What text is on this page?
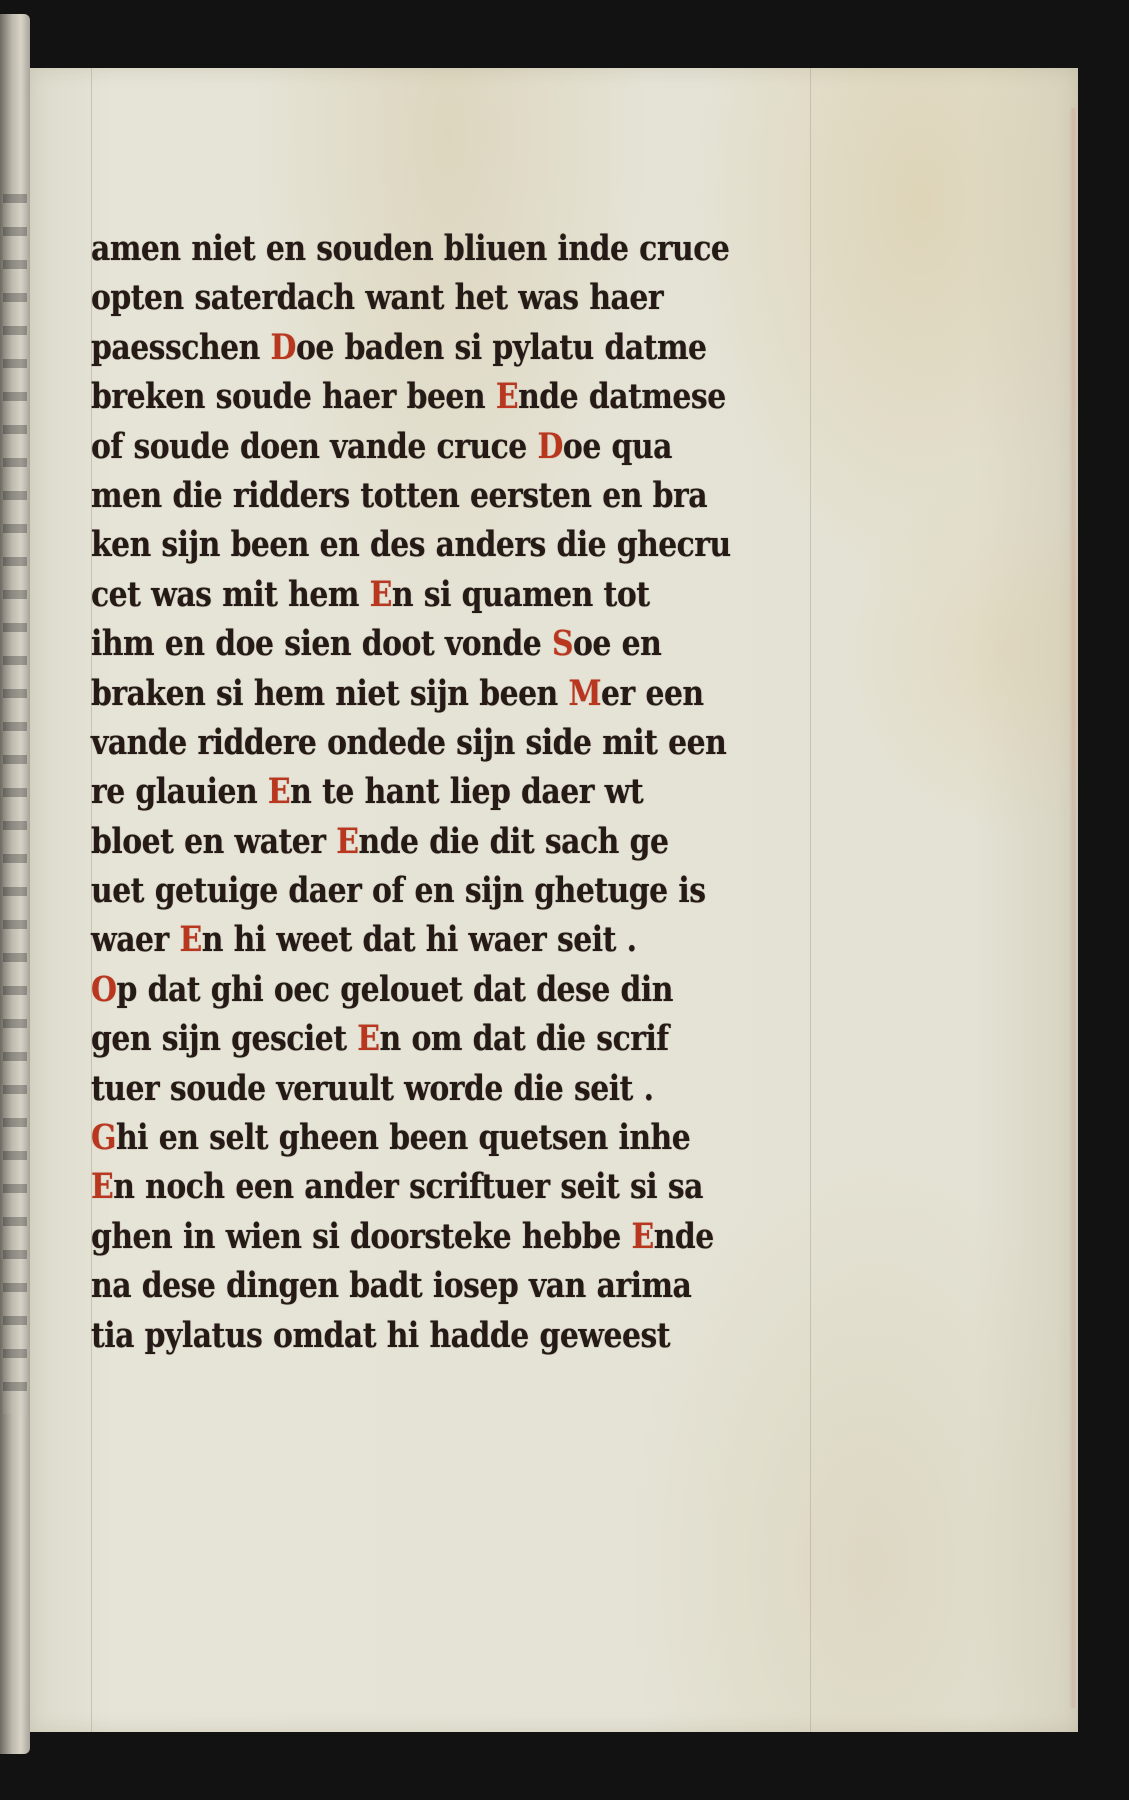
amen niet en souden bliuen inde cruce
opten saterdach want het was haer
paesschen Doe baden si pylatu datme
breken soude haer been Ende datmese
of soude doen vande cruce Doe qua
men die ridders totten eersten en bra
ken sijn been en des anders die ghecru
cet was mit hem En si quamen tot
ihm en doe sien doot vonde Soe en
braken si hem niet sijn been Mer een
vande riddere ondede sijn side mit een
re glauien En te hant liep daer wt
bloet en water Ende die dit sach ge
uet getuige daer of en sijn ghetuge is
waer En hi weet dat hi waer seit .
Op dat ghi oec gelouet dat dese din
gen sijn gesciet En om dat die scrif
tuer soude veruult worde die seit .
Ghi en selt gheen been quetsen inhe
En noch een ander scriftuer seit si sa
ghen in wien si doorsteke hebbe Ende
na dese dingen badt iosep van arima
tia pylatus omdat hi hadde geweest
